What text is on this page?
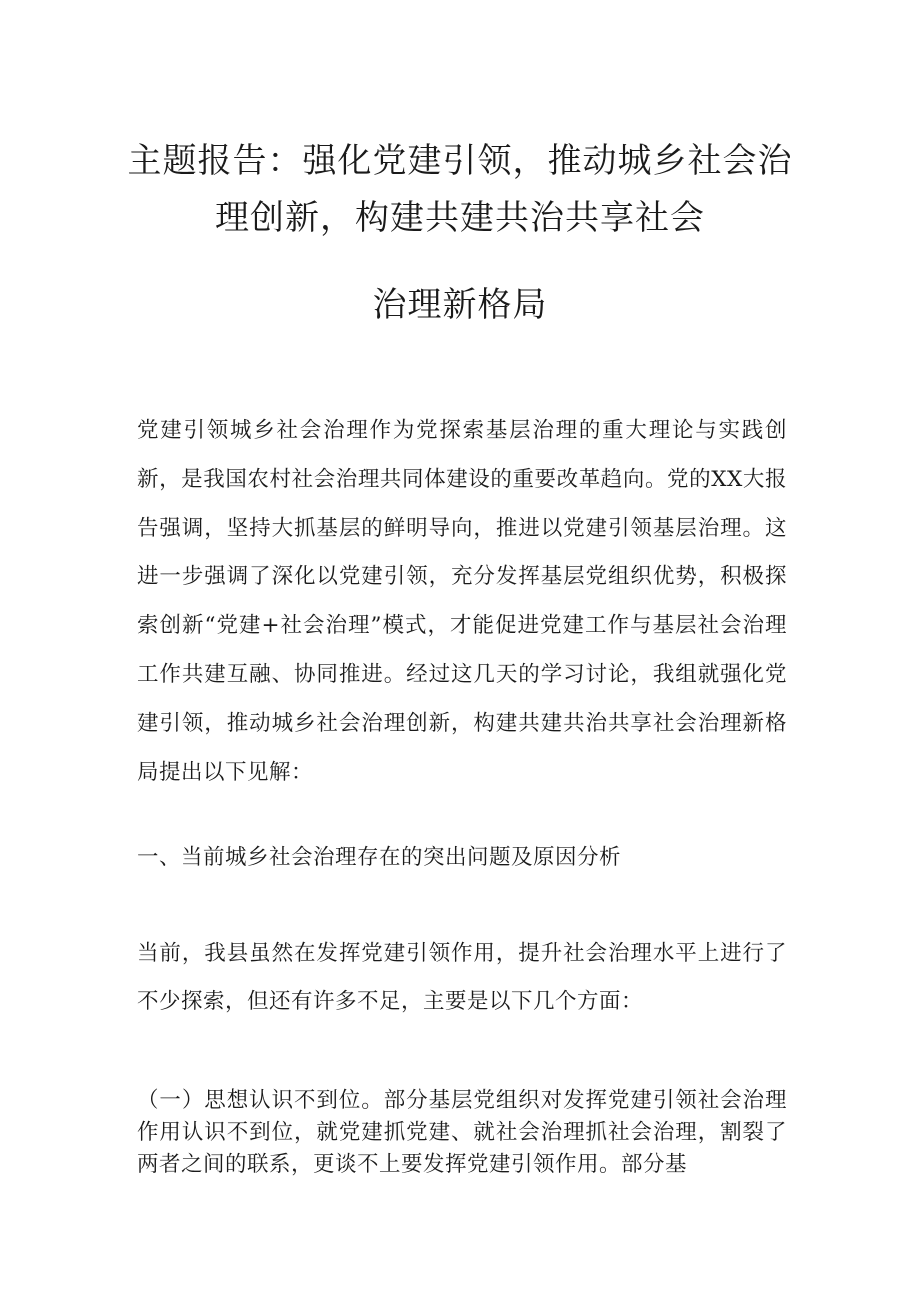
主题报告：强化党建引领，推动城乡社会治
理创新，构建共建共治共享社会
治理新格局

党建引领城乡社会治理作为党探索基层治理的重大理论与实践创新，是我国农村社会治理共同体建设的重要改革趋向。党的XX大报告强调，坚持大抓基层的鲜明导向，推进以党建引领基层治理。这进一步强调了深化以党建引领，充分发挥基层党组织优势，积极探索创新“党建+社会治理”模式，才能促进党建工作与基层社会治理工作共建互融、协同推进。经过这几天的学习讨论，我组就强化党建引领，推动城乡社会治理创新，构建共建共治共享社会治理新格局提出以下见解：

一、当前城乡社会治理存在的突出问题及原因分析

当前，我县虽然在发挥党建引领作用，提升社会治理水平上进行了不少探索，但还有许多不足，主要是以下几个方面：

（一）思想认识不到位。部分基层党组织对发挥党建引领社会治理作用认识不到位，就党建抓党建、就社会治理抓社会治理，割裂了两者之间的联系，更谈不上要发挥党建引领作用。部分基
